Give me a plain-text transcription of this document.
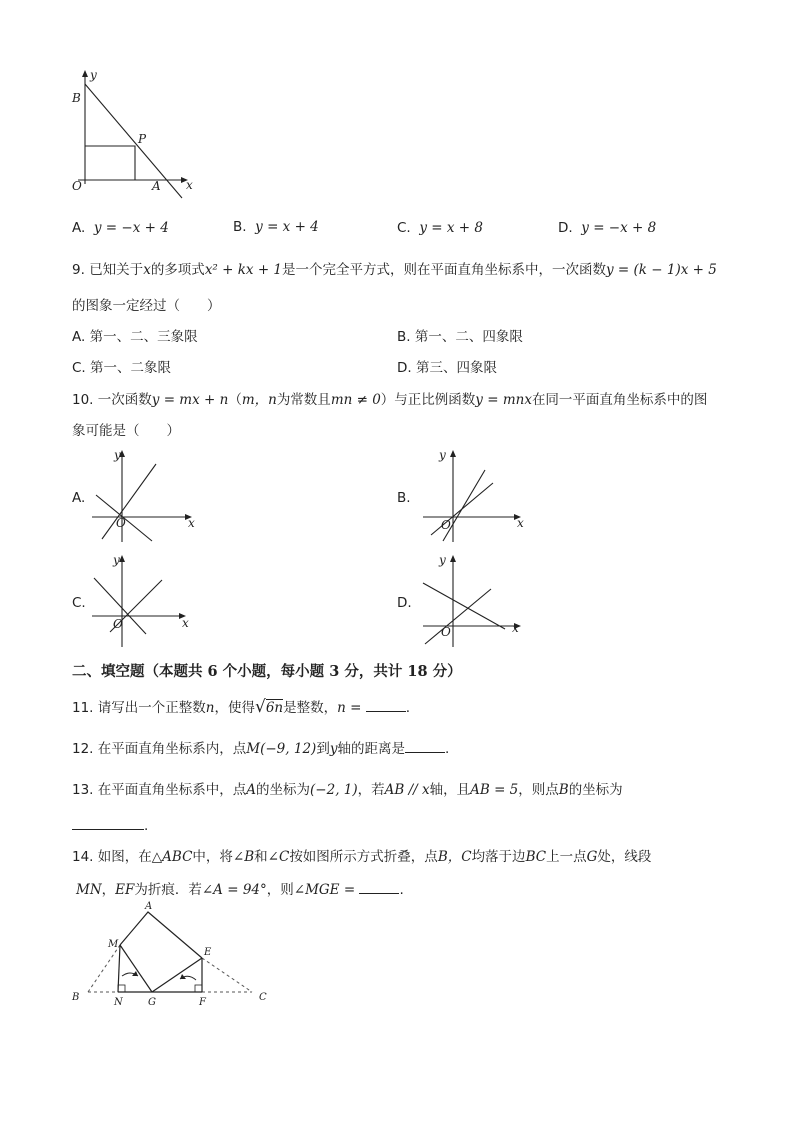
y
B
P
O	A x
A. y = −x + 4	B. y = x + 4	C. y = x + 8	D. y = −x + 8
9. 已知关于x的多项式x² + kx + 1是一个完全平方式，则在平面直角坐标系中，一次函数y = (k − 1)x + 5
的图象一定经过（　　）
A. 第一、二、三象限	B. 第一、二、四象限
C. 第一、二象限	D. 第三、四象限
10. 一次函数y = mx + n（m，n为常数且mn ≠ 0）与正比例函数y = mnx在同一平面直角坐标系中的图
象可能是（　　）
A.	B.
C.	D.
y
x
O
y
x
O
y
x
O
y
x
O
二、填空题（本题共 6 个小题，每小题 3 分，共计 18 分）
11. 请写出一个正整数n，使得√6n是整数，n =	.
12. 在平面直角坐标系内，点M(−9, 12)到y轴的距离是	.
13. 在平面直角坐标系中，点A的坐标为(−2, 1)，若AB // x轴，且AB = 5，则点B的坐标为
.
14. 如图，在△ABC中，将∠B和∠C按如图所示方式折叠，点B，C均落于边BC上一点G处，线段
MN，EF为折痕．若∠A = 94°，则∠MGE =	.
A
M
E
B	N	G	F	C
